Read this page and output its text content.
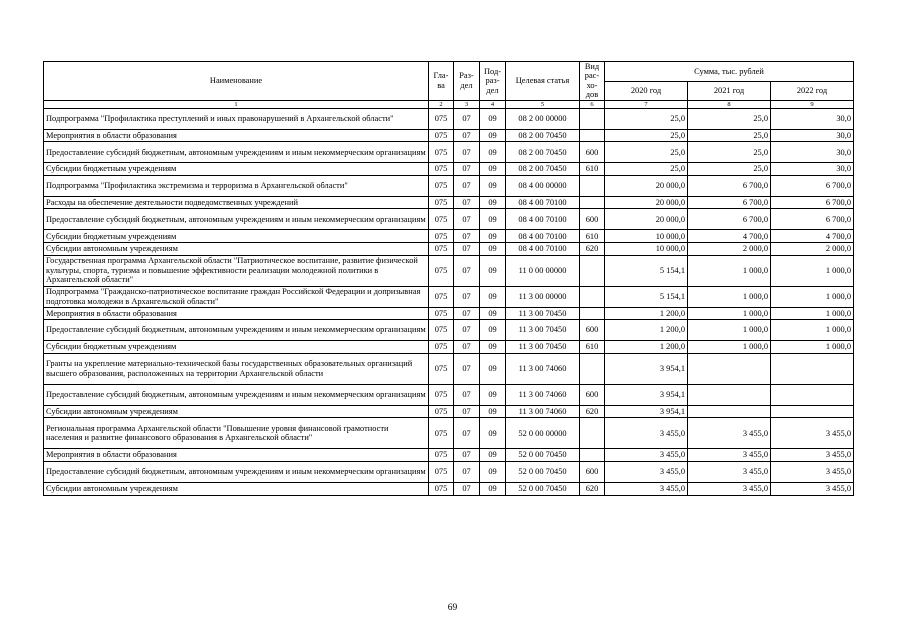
Наименование	Гла-ва	Раз-дел	Под-раз-дел	Целевая статья	Вид рас-хо-дов	Сумма, тыс. рублей		
						2020 год	2021 год	2022 год
1	2	3	4	5	6	7	8	9
Подпрограмма "Профилактика преступлений и иных правонарушений в Архангельской области"	075	07	09	08 2 00 00000		25,0	25,0	30,0
Мероприятия в области образования	075	07	09	08 2 00 70450		25,0	25,0	30,0
Предоставление субсидий бюджетным, автономным учреждениям и иным некоммерческим организациям	075	07	09	08 2 00 70450	600	25,0	25,0	30,0
Субсидии бюджетным учреждениям	075	07	09	08 2 00 70450	610	25,0	25,0	30,0
Подпрограмма "Профилактика экстремизма и терроризма в Архангельской области"	075	07	09	08 4 00 00000		20 000,0	6 700,0	6 700,0
Расходы на обеспечение деятельности подведомственных учреждений	075	07	09	08 4 00 70100		20 000,0	6 700,0	6 700,0
Предоставление субсидий бюджетным, автономным учреждениям и иным некоммерческим организациям	075	07	09	08 4 00 70100	600	20 000,0	6 700,0	6 700,0
Субсидии бюджетным учреждениям	075	07	09	08 4 00 70100	610	10 000,0	4 700,0	4 700,0
Субсидии автономным учреждениям	075	07	09	08 4 00 70100	620	10 000,0	2 000,0	2 000,0
Государственная программа Архангельской области "Патриотическое воспитание, развитие физической культуры, спорта, туризма и повышение эффективности реализации молодежной политики в Архангельской области"	075	07	09	11 0 00 00000		5 154,1	1 000,0	1 000,0
Подпрограмма "Гражданско-патриотическое воспитание граждан Российской Федерации и допризывная подготовка молодежи в Архангельской области"	075	07	09	11 3 00 00000		5 154,1	1 000,0	1 000,0
Мероприятия в области образования	075	07	09	11 3 00 70450		1 200,0	1 000,0	1 000,0
Предоставление субсидий бюджетным, автономным учреждениям и иным некоммерческим организациям	075	07	09	11 3 00 70450	600	1 200,0	1 000,0	1 000,0
Субсидии бюджетным учреждениям	075	07	09	11 3 00 70450	610	1 200,0	1 000,0	1 000,0
Гранты на укрепление материально-технической базы государственных образовательных организаций высшего образования, расположенных на территории Архангельской области	075	07	09	11 3 00 74060		3 954,1		
Предоставление субсидий бюджетным, автономным учреждениям и иным некоммерческим организациям	075	07	09	11 3 00 74060	600	3 954,1		
Субсидии автономным учреждениям	075	07	09	11 3 00 74060	620	3 954,1		
Региональная программа Архангельской области "Повышение уровня финансовой грамотности населения и развитие финансового образования в Архангельской области"	075	07	09	52 0 00 00000		3 455,0	3 455,0	3 455,0
Мероприятия в области образования	075	07	09	52 0 00 70450		3 455,0	3 455,0	3 455,0
Предоставление субсидий бюджетным, автономным учреждениям и иным некоммерческим организациям	075	07	09	52 0 00 70450	600	3 455,0	3 455,0	3 455,0
Субсидии автономным учреждениям	075	07	09	52 0 00 70450	620	3 455,0	3 455,0	3 455,0
69
